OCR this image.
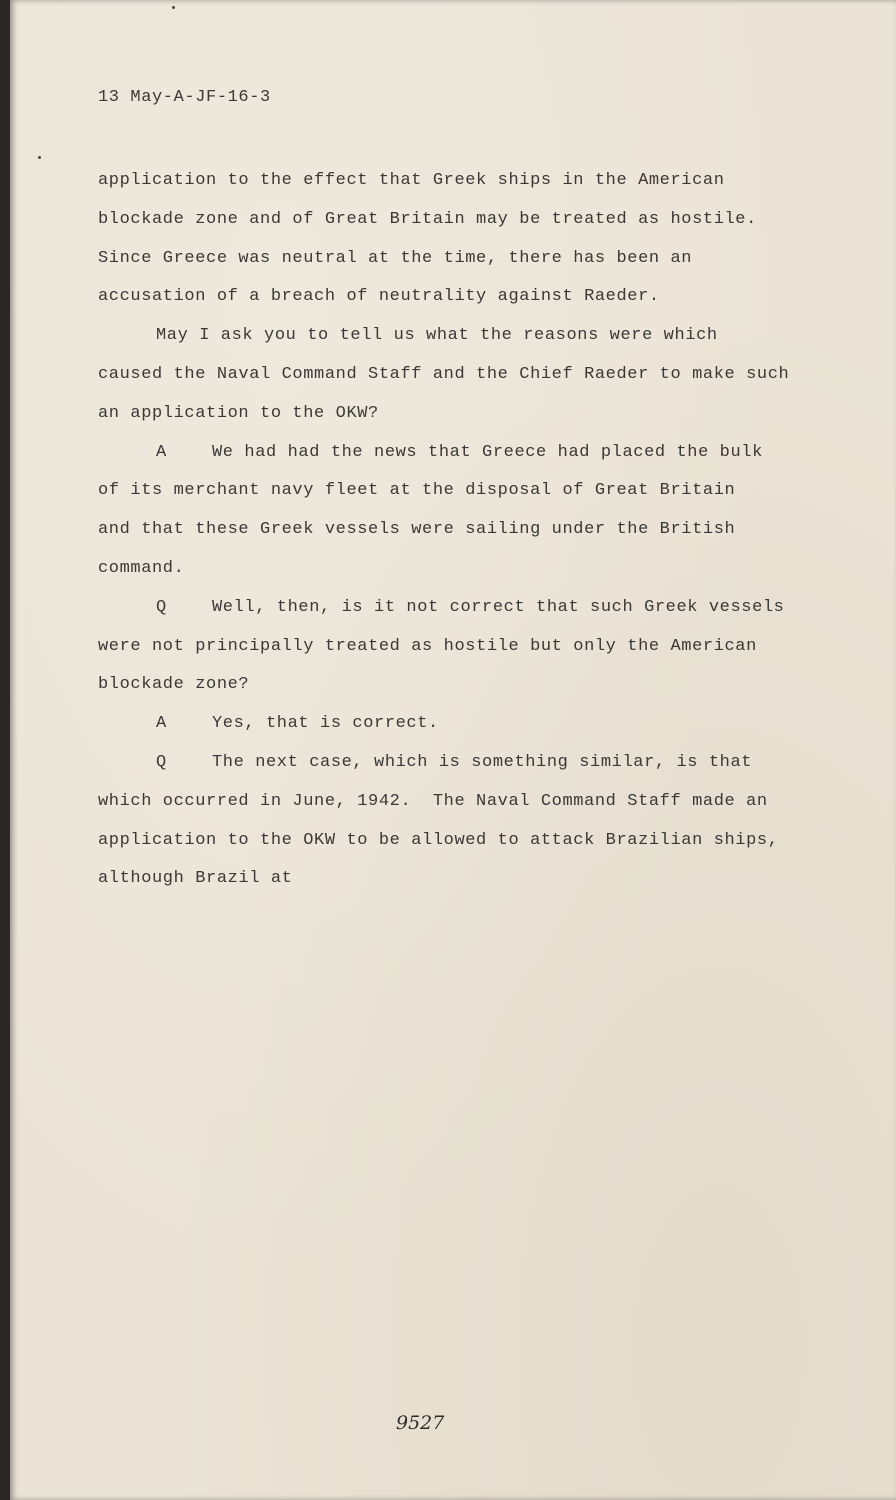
13 May-A-JF-16-3
application to the effect that Greek ships in the American
blockade zone and of Great Britain may be treated as hostile.
Since Greece was neutral at the time, there has been an
accusation of a breach of neutrality against Raeder.
May I ask you to tell us what the reasons were which
caused the Naval Command Staff and the Chief Raeder to make such
an application to the OKW?
A	We had had the news that Greece had placed the bulk
of its merchant navy fleet at the disposal of Great Britain
and that these Greek vessels were sailing under the British
command.
Q	Well, then, is it not correct that such Greek vessels
were not principally treated as hostile but only the American
blockade zone?
A	Yes, that is correct.
Q	The next case, which is something similar, is that
which occurred in June, 1942.  The Naval Command Staff made an
application to the OKW to be allowed to attack Brazilian ships,
although Brazil at
9527
